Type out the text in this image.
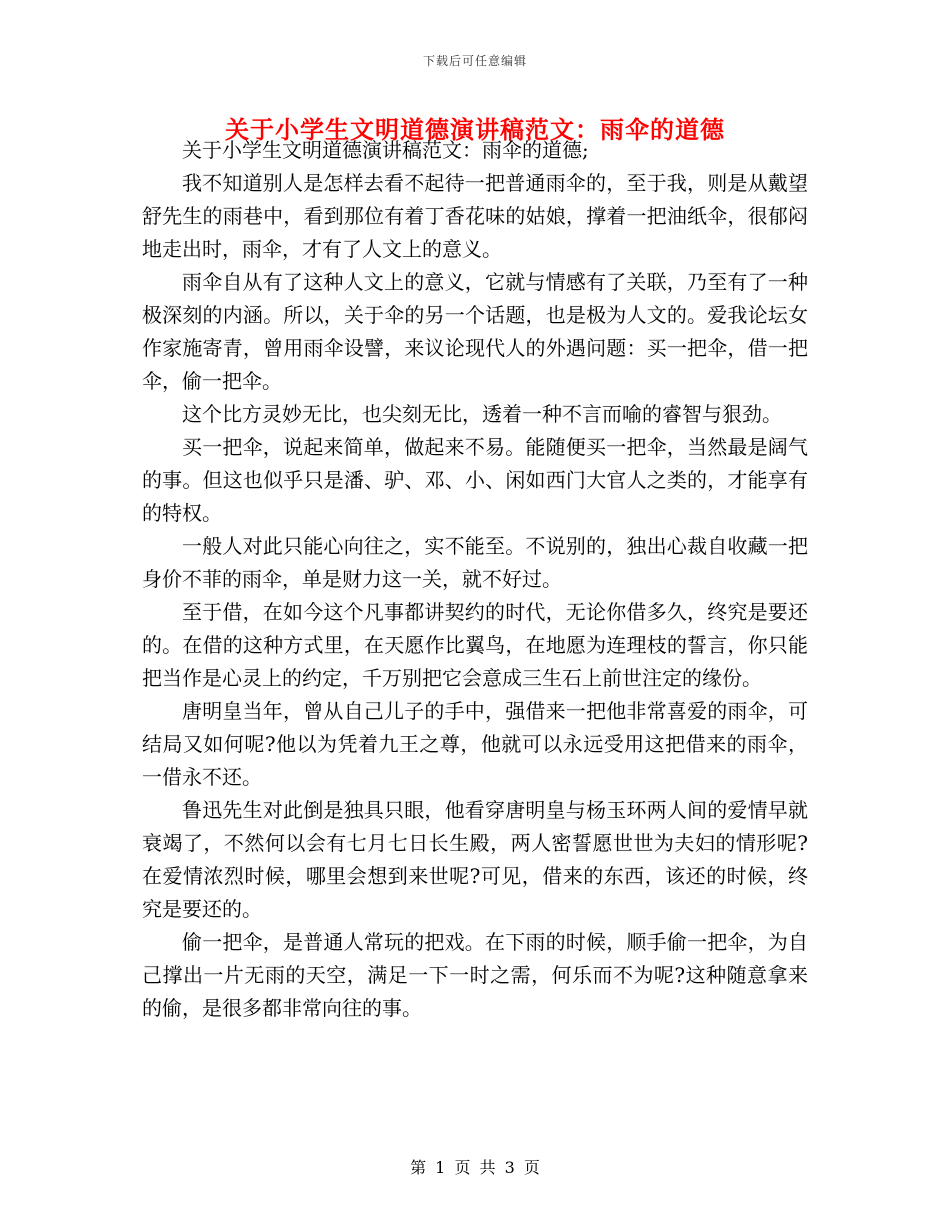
下载后可任意编辑
关于小学生文明道德演讲稿范文：雨伞的道德

关于小学生文明道德演讲稿范文：雨伞的道德;

我不知道别人是怎样去看不起待一把普通雨伞的，至于我，则是从戴望舒先生的雨巷中，看到那位有着丁香花味的姑娘，撑着一把油纸伞，很郁闷地走出时，雨伞，才有了人文上的意义。

雨伞自从有了这种人文上的意义，它就与情感有了关联，乃至有了一种极深刻的内涵。所以，关于伞的另一个话题，也是极为人文的。爱我论坛女作家施寄青，曾用雨伞设譬，来议论现代人的外遇问题：买一把伞，借一把伞，偷一把伞。

这个比方灵妙无比，也尖刻无比，透着一种不言而喻的睿智与狠劲。

买一把伞，说起来简单，做起来不易。能随便买一把伞，当然最是阔气的事。但这也似乎只是潘、驴、邓、小、闲如西门大官人之类的，才能享有的特权。

一般人对此只能心向往之，实不能至。不说别的，独出心裁自收藏一把身价不菲的雨伞，单是财力这一关，就不好过。

至于借，在如今这个凡事都讲契约的时代，无论你借多久，终究是要还的。在借的这种方式里，在天愿作比翼鸟，在地愿为连理枝的誓言，你只能把当作是心灵上的约定，千万别把它会意成三生石上前世注定的缘份。

唐明皇当年，曾从自己儿子的手中，强借来一把他非常喜爱的雨伞，可结局又如何呢?他以为凭着九王之尊，他就可以永远受用这把借来的雨伞，一借永不还。

鲁迅先生对此倒是独具只眼，他看穿唐明皇与杨玉环两人间的爱情早就衰竭了，不然何以会有七月七日长生殿，两人密誓愿世世为夫妇的情形呢?在爱情浓烈时候，哪里会想到来世呢?可见，借来的东西，该还的时候，终究是要还的。

偷一把伞，是普通人常玩的把戏。在下雨的时候，顺手偷一把伞，为自己撑出一片无雨的天空，满足一下一时之需，何乐而不为呢?这种随意拿来的偷，是很多都非常向往的事。

第 1 页 共 3 页
